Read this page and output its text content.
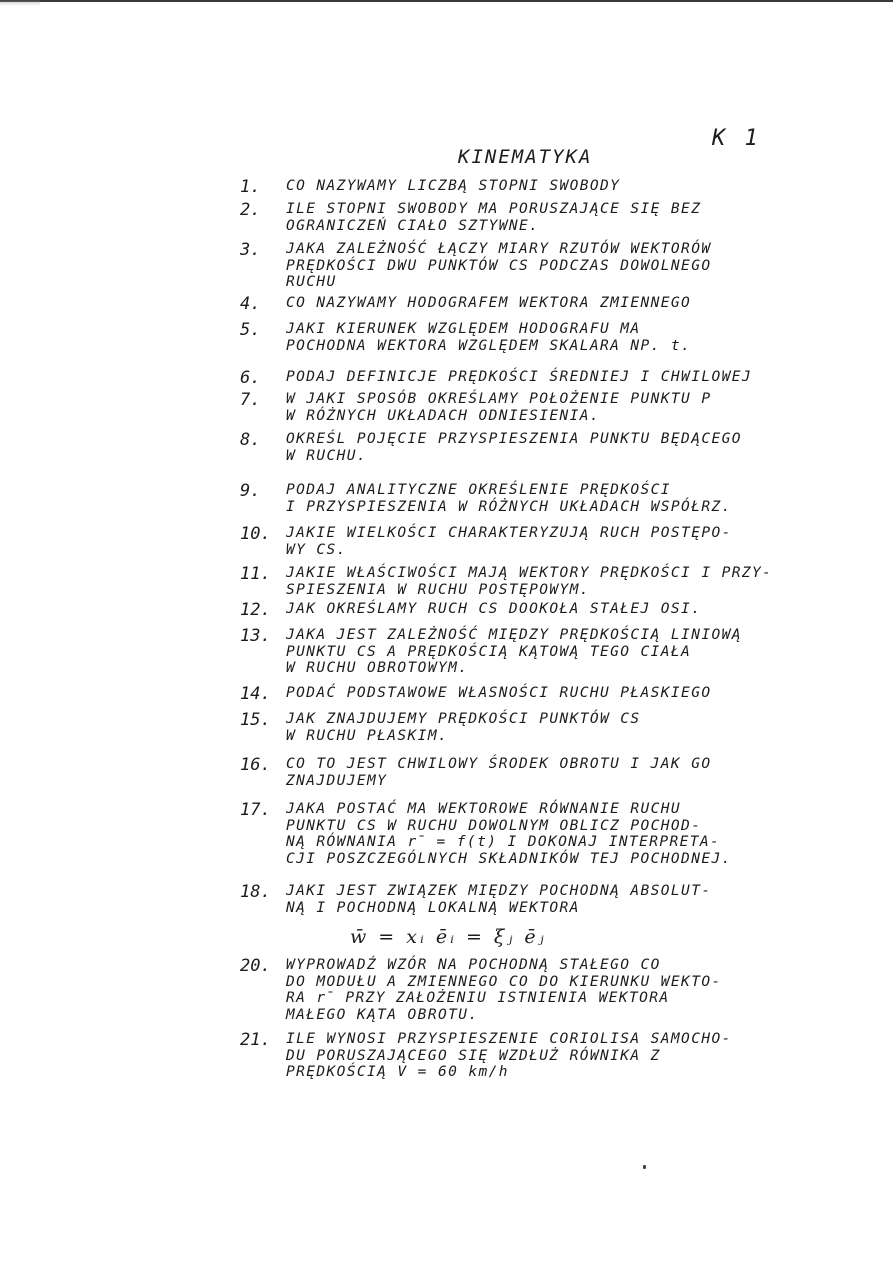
K 1
KINEMATYKA
1.	CO NAZYWAMY LICZBĄ STOPNI SWOBODY
2.	ILE STOPNI SWOBODY MA PORUSZAJĄCE SIĘ BEZ
OGRANICZEŃ CIAŁO SZTYWNE.
3.	JAKA ZALEŻNOŚĆ ŁĄCZY MIARY RZUTÓW WEKTORÓW
PRĘDKOŚCI DWU PUNKTÓW CS PODCZAS DOWOLNEGO
RUCHU
4.	CO NAZYWAMY HODOGRAFEM WEKTORA ZMIENNEGO
5.	JAKI KIERUNEK WZGLĘDEM HODOGRAFU MA
POCHODNA WEKTORA WZGLĘDEM SKALARA NP. t.
6.	PODAJ DEFINICJE PRĘDKOŚCI ŚREDNIEJ I CHWILOWEJ
7.	W JAKI SPOSÓB OKREŚLAMY POŁOŻENIE PUNKTU P
W RÓŻNYCH UKŁADACH ODNIESIENIA.
8.	OKREŚL POJĘCIE PRZYSPIESZENIA PUNKTU BĘDĄCEGO
W RUCHU.
9.	PODAJ ANALITYCZNE OKREŚLENIE PRĘDKOŚCI
I PRZYSPIESZENIA W RÓŻNYCH UKŁADACH WSPÓŁRZ.
10.	JAKIE WIELKOŚCI CHARAKTERYZUJĄ RUCH POSTĘPO-
WY CS.
11.	JAKIE WŁAŚCIWOŚCI MAJĄ WEKTORY PRĘDKOŚCI I PRZY-
SPIESZENIA W RUCHU POSTĘPOWYM.
12.	JAK OKREŚLAMY RUCH CS DOOKOŁA STAŁEJ OSI.
13.	JAKA JEST ZALEŻNOŚĆ MIĘDZY PRĘDKOŚCIĄ LINIOWĄ
PUNKTU CS A PRĘDKOŚCIĄ KĄTOWĄ TEGO CIAŁA
W RUCHU OBROTOWYM.
14.	PODAĆ PODSTAWOWE WŁASNOŚCI RUCHU PŁASKIEGO
15.	JAK ZNAJDUJEMY PRĘDKOŚCI PUNKTÓW CS
W RUCHU PŁASKIM.
16.	CO TO JEST CHWILOWY ŚRODEK OBROTU I JAK GO
ZNAJDUJEMY
17.	JAKA POSTAĆ MA WEKTOROWE RÓWNANIE RUCHU
PUNKTU CS W RUCHU DOWOLNYM OBLICZ POCHOD-
NĄ RÓWNANIA r̄ = f(t) I DOKONAJ INTERPRETA-
CJI POSZCZEGÓLNYCH SKŁADNIKÓW TEJ POCHODNEJ.
18.	JAKI JEST ZWIĄZEK MIĘDZY POCHODNĄ ABSOLUT-
NĄ I POCHODNĄ LOKALNĄ WEKTORA
20.	WYPROWADŹ WZÓR NA POCHODNĄ STAŁEGO CO
DO MODUŁU A ZMIENNEGO CO DO KIERUNKU WEKTO-
RA r̄ PRZY ZAŁOŻENIU ISTNIENIA WEKTORA
MAŁEGO KĄTA OBROTU.
21.	ILE WYNOSI PRZYSPIESZENIE CORIOLISA SAMOCHO-
DU PORUSZAJĄCEGO SIĘ WZDŁUŻ RÓWNIKA Z
PRĘDKOŚCIĄ V = 60 km/h
w̄ = xᵢ ēᵢ = ξⱼ ēⱼ
